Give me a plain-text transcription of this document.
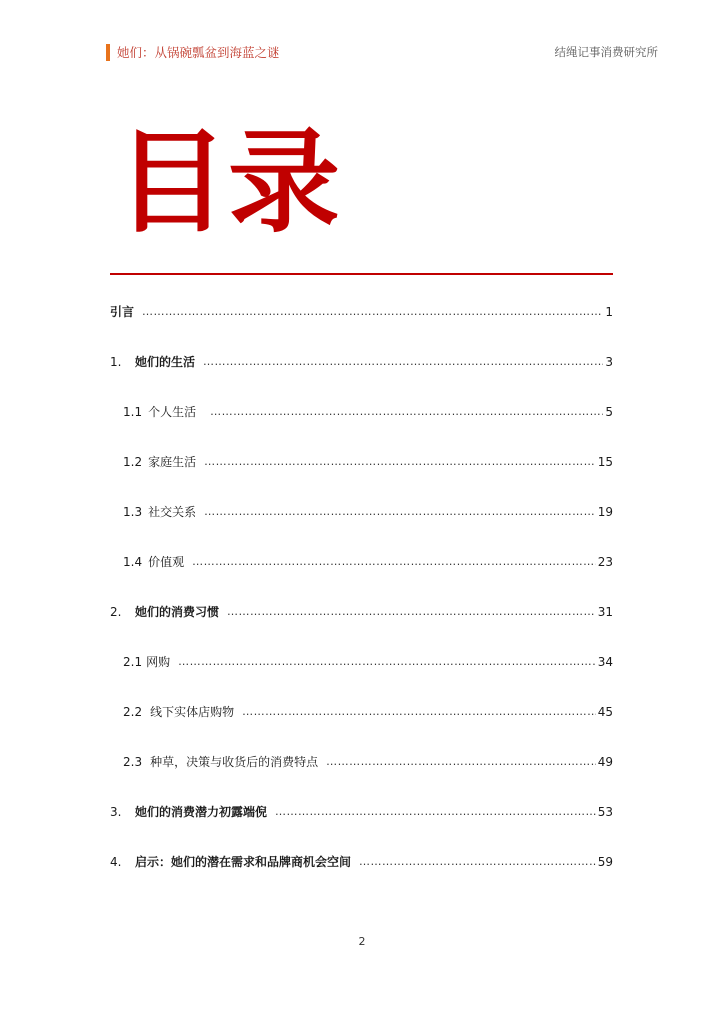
她们：从锅碗瓢盆到海蓝之谜	结绳记事消费研究所
目录
引言 ……………………………………………………………………………………………………………………………………………………………………………………	1
1.	她们的生活 ……………………………………………………………………………………………………………………………………………………………………………………	3
1.1 个人生活 ……………………………………………………………………………………………………………………………………………………………………………………	5
1.2 家庭生活 ……………………………………………………………………………………………………………………………………………………………………………………	15
1.3 社交关系 ……………………………………………………………………………………………………………………………………………………………………………………	19
1.4 价值观 ……………………………………………………………………………………………………………………………………………………………………………………	23
2.	她们的消费习惯 ……………………………………………………………………………………………………………………………………………………………………………………	31
2.1 网购 ……………………………………………………………………………………………………………………………………………………………………………………	34
2.2 线下实体店购物 ……………………………………………………………………………………………………………………………………………………………………………………	45
2.3 种草，决策与收货后的消费特点 ……………………………………………………………………………………………………………………………………………………………………………………	49
3.	她们的消费潜力初露端倪 ……………………………………………………………………………………………………………………………………………………………………………………	53
4.	启示：她们的潜在需求和品牌商机会空间 ……………………………………………………………………………………………………………………………………………………………………………………	59
2
